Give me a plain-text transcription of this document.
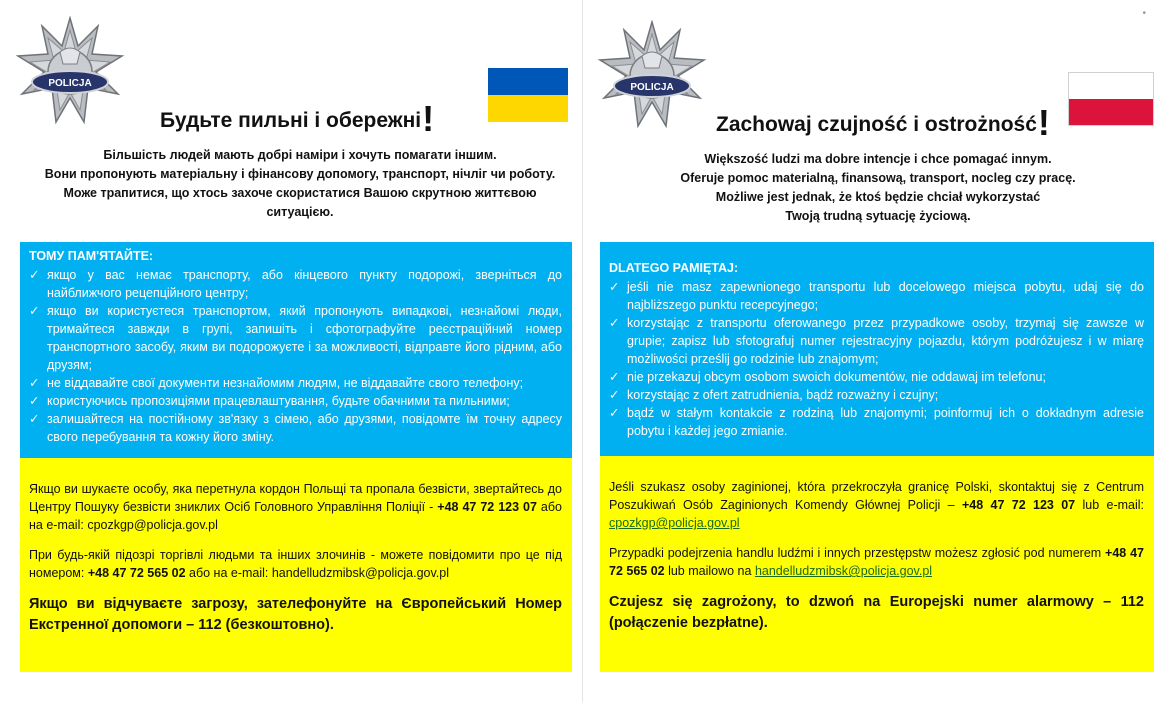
•
POLICJA
Будьте пильні і обережні!
Більшість людей мають добрі наміри і хочуть помагати іншим.
Вони пропонують матеріальну і фінансову допомогу, транспорт, нічліг чи роботу.
Може трапитися, що хтось захоче скористатися Вашою скрутною життєвою
ситуацією.
ТОМУ ПАМ'ЯТАЙТЕ:
✓ якщо у вас немає транспорту, або кінцевого пункту подорожі, зверніться до найближчого рецепційного центру;
✓ якщо ви користуєтеся транспортом, який пропонують випадкові, незнайомі люди, тримайтеся завжди в групі, запишіть і сфотографуйте реєстраційний номер транспортного засобу, яким ви подорожуєте і за можливості, відправте його рідним, або друзям;
✓ не віддавайте свої документи незнайомим людям, не віддавайте свого телефону;
✓ користуючись пропозиціями працевлаштування, будьте обачними та пильними;
✓ залишайтеся на постійному зв'язку з сімею, або друзями, повідомте їм точну адресу свого перебування та кожну його зміну.

Якщо ви шукаєте особу, яка перетнула кордон Польщі та пропала безвісти, звертайтесь до Центру Пошуку безвісти зниклих Осіб Головного Управління Поліції - +48 47 72 123 07 або на e-mail: cpozkgp@policja.gov.pl

При будь-якій підозрі торгівлі людьми та інших злочинів - можете повідомити про це під номером: +48 47 72 565 02 або на e-mail: handelludzmibsk@policja.gov.pl

Якщо ви відчуваєте загрозу, зателефонуйте на Європейський Номер Екстренної допомоги – 112 (безкоштовно).

POLICJA
Zachowaj czujność i ostrożność!
Większość ludzi ma dobre intencje i chce pomagać innym.
Oferuje pomoc materialną, finansową, transport, nocleg czy pracę.
Możliwe jest jednak, że ktoś będzie chciał wykorzystać
Twoją trudną sytuację życiową.
DLATEGO PAMIĘTAJ:
✓ jeśli nie masz zapewnionego transportu lub docelowego miejsca pobytu, udaj się do najbliższego punktu recepcyjnego;
✓ korzystając z transportu oferowanego przez przypadkowe osoby, trzymaj się zawsze w grupie; zapisz lub sfotografuj numer rejestracyjny pojazdu, którym podróżujesz i w miarę możliwości prześlij go rodzinie lub znajomym;
✓ nie przekazuj obcym osobom swoich dokumentów, nie oddawaj im telefonu;
✓ korzystając z ofert zatrudnienia, bądź rozważny i czujny;
✓ bądź w stałym kontakcie z rodziną lub znajomymi; poinformuj ich o dokładnym adresie pobytu i każdej jego zmianie.

Jeśli szukasz osoby zaginionej, która przekroczyła granicę Polski, skontaktuj się z Centrum Poszukiwań Osób Zaginionych Komendy Głównej Policji – +48 47 72 123 07 lub e-mail: cpozkgp@policja.gov.pl

Przypadki podejrzenia handlu ludźmi i innych przestępstw możesz zgłosić pod numerem +48 47 72 565 02 lub mailowo na handelludzmibsk@policja.gov.pl

Czujesz się zagrożony, to dzwoń na Europejski numer alarmowy – 112 (połączenie bezpłatne).
